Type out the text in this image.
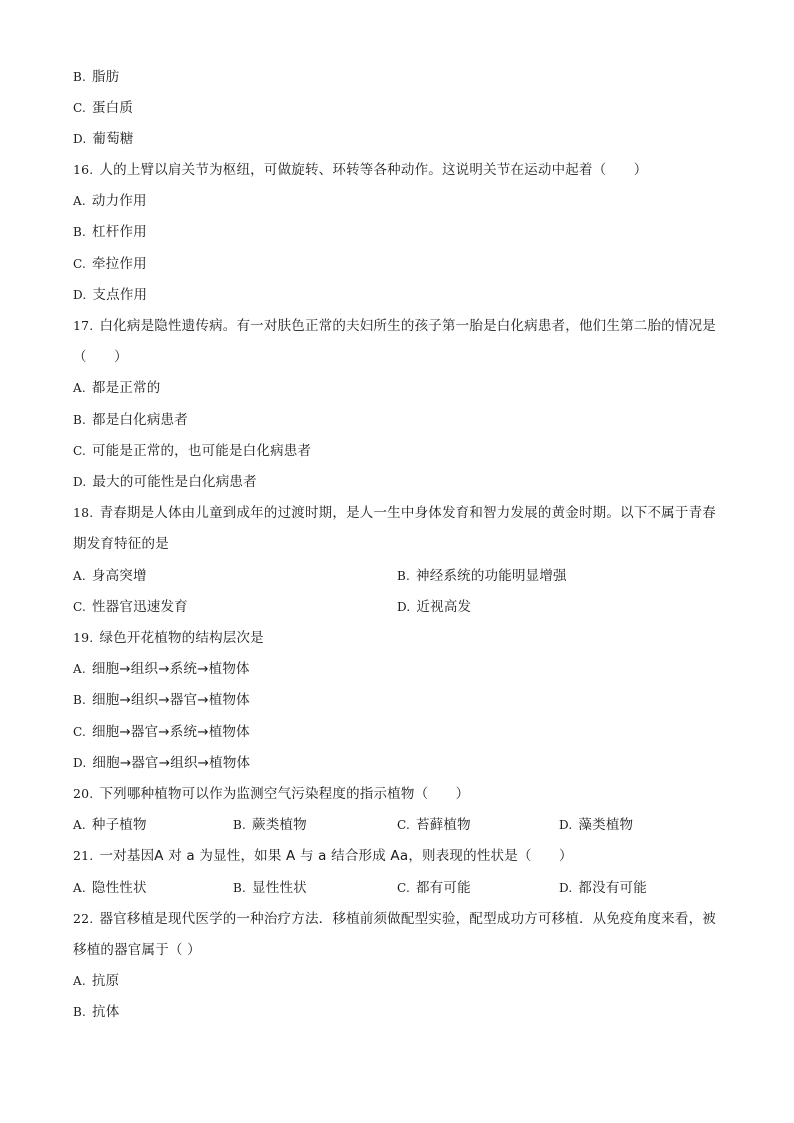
B. 脂肪
C. 蛋白质
D. 葡萄糖
16. 人的上臂以肩关节为枢纽，可做旋转、环转等各种动作。这说明关节在运动中起着（　　）
A. 动力作用
B. 杠杆作用
C. 牵拉作用
D. 支点作用
17. 白化病是隐性遗传病。有一对肤色正常的夫妇所生的孩子第一胎是白化病患者，他们生第二胎的情况是
（　　）
A. 都是正常的
B. 都是白化病患者
C. 可能是正常的，也可能是白化病患者
D. 最大的可能性是白化病患者
18. 青春期是人体由儿童到成年的过渡时期，是人一生中身体发育和智力发展的黄金时期。以下不属于青春
期发育特征的是
A. 身高突增	B. 神经系统的功能明显增强
C. 性器官迅速发育	D. 近视高发
19. 绿色开花植物的结构层次是
A. 细胞→组织→系统→植物体
B. 细胞→组织→器官→植物体
C. 细胞→器官→系统→植物体
D. 细胞→器官→组织→植物体
20. 下列哪种植物可以作为监测空气污染程度的指示植物（　　）
A. 种子植物	B. 蕨类植物	C. 苔藓植物	D. 藻类植物
21. 一对基因A 对 a 为显性，如果 A 与 a 结合形成 Aa，则表现的性状是（　　）
A. 隐性性状	B. 显性性状	C. 都有可能	D. 都没有可能
22. 器官移植是现代医学的一种治疗方法．移植前须做配型实验，配型成功方可移植．从免疫角度来看，被
移植的器官属于（ ）
A. 抗原
B. 抗体
